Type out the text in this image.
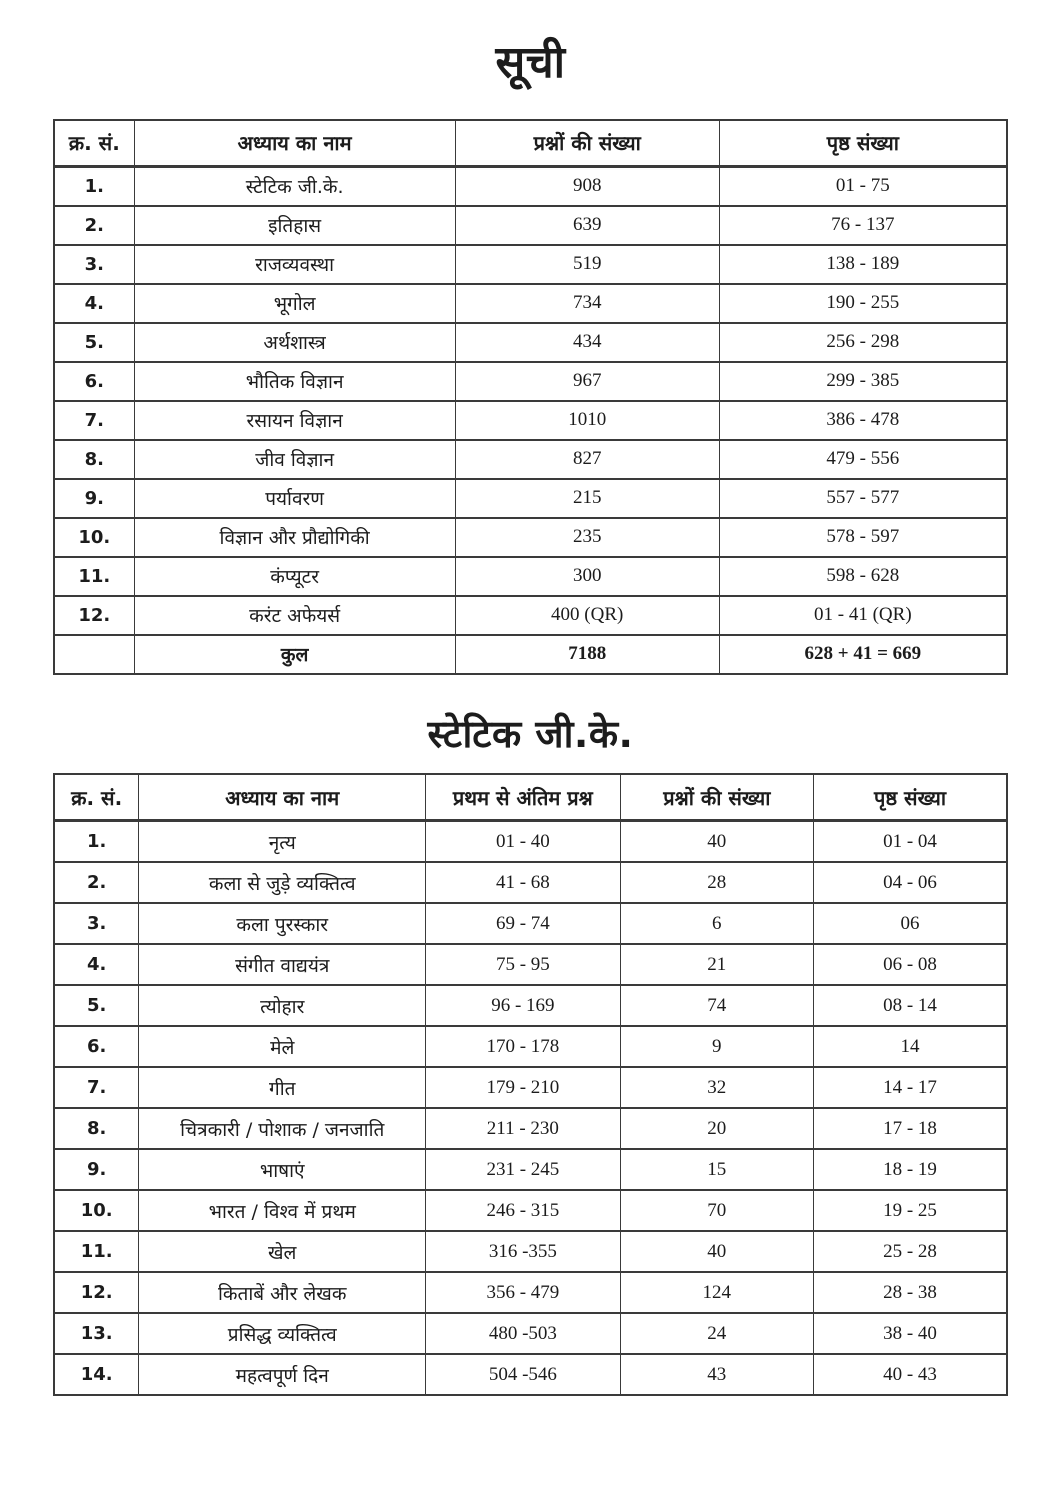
सूची
क्र. सं.	अध्याय का नाम	प्रश्नों की संख्या	पृष्ठ संख्या
1.	स्टेटिक जी.के.	908	01 - 75
2.	इतिहास	639	76 - 137
3.	राजव्यवस्था	519	138 - 189
4.	भूगोल	734	190 - 255
5.	अर्थशास्त्र	434	256 - 298
6.	भौतिक विज्ञान	967	299 - 385
7.	रसायन विज्ञान	1010	386 - 478
8.	जीव विज्ञान	827	479 - 556
9.	पर्यावरण	215	557 - 577
10.	विज्ञान और प्रौद्योगिकी	235	578 - 597
11.	कंप्यूटर	300	598 - 628
12.	करंट अफेयर्स	400 (QR)	01 - 41 (QR)
	कुल	7188	628 + 41 = 669
स्टेटिक जी.के.
क्र. सं.	अध्याय का नाम	प्रथम से अंतिम प्रश्न	प्रश्नों की संख्या	पृष्ठ संख्या
1.	नृत्य	01 - 40	40	01 - 04
2.	कला से जुड़े व्यक्तित्व	41 - 68	28	04 - 06
3.	कला पुरस्कार	69 - 74	6	06
4.	संगीत वाद्ययंत्र	75 - 95	21	06 - 08
5.	त्योहार	96 - 169	74	08 - 14
6.	मेले	170 - 178	9	14
7.	गीत	179 - 210	32	14 - 17
8.	चित्रकारी / पोशाक / जनजाति	211 - 230	20	17 - 18
9.	भाषाएं	231 - 245	15	18 - 19
10.	भारत / विश्व में प्रथम	246 - 315	70	19 - 25
11.	खेल	316 -355	40	25 - 28
12.	किताबें और लेखक	356 - 479	124	28 - 38
13.	प्रसिद्ध व्यक्तित्व	480 -503	24	38 - 40
14.	महत्वपूर्ण दिन	504 -546	43	40 - 43
